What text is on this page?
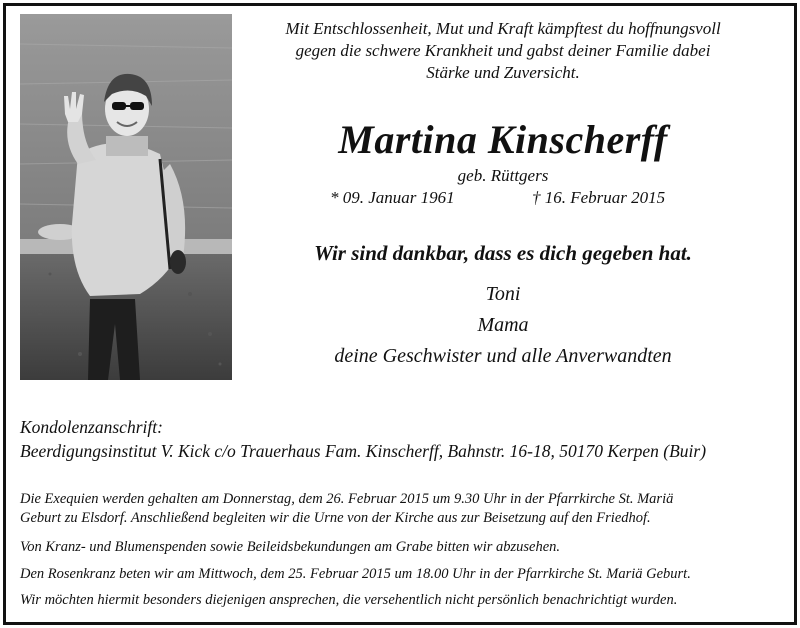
Mit Entschlossenheit, Mut und Kraft kämpftest du hoffnungsvoll
gegen die schwere Krankheit und gabst deiner Familie dabei
Stärke und Zuversicht.
Martina Kinscherff
geb. Rüttgers
* 09. Januar 1961	† 16. Februar 2015
Wir sind dankbar, dass es dich gegeben hat.
Toni
Mama
deine Geschwister und alle Anverwandten
Kondolenzanschrift:
Beerdigungsinstitut V. Kick c/o Trauerhaus Fam. Kinscherff, Bahnstr. 16-18, 50170 Kerpen (Buir)
Die Exequien werden gehalten am Donnerstag, dem 26. Februar 2015 um 9.30 Uhr in der Pfarrkirche St. Mariä
Geburt zu Elsdorf. Anschließend begleiten wir die Urne von der Kirche aus zur Beisetzung auf den Friedhof.
Von Kranz- und Blumenspenden sowie Beileidsbekundungen am Grabe bitten wir abzusehen.
Den Rosenkranz beten wir am Mittwoch, dem 25. Februar 2015 um 18.00 Uhr in der Pfarrkirche St. Mariä Geburt.
Wir möchten hiermit besonders diejenigen ansprechen, die versehentlich nicht persönlich benachrichtigt wurden.
